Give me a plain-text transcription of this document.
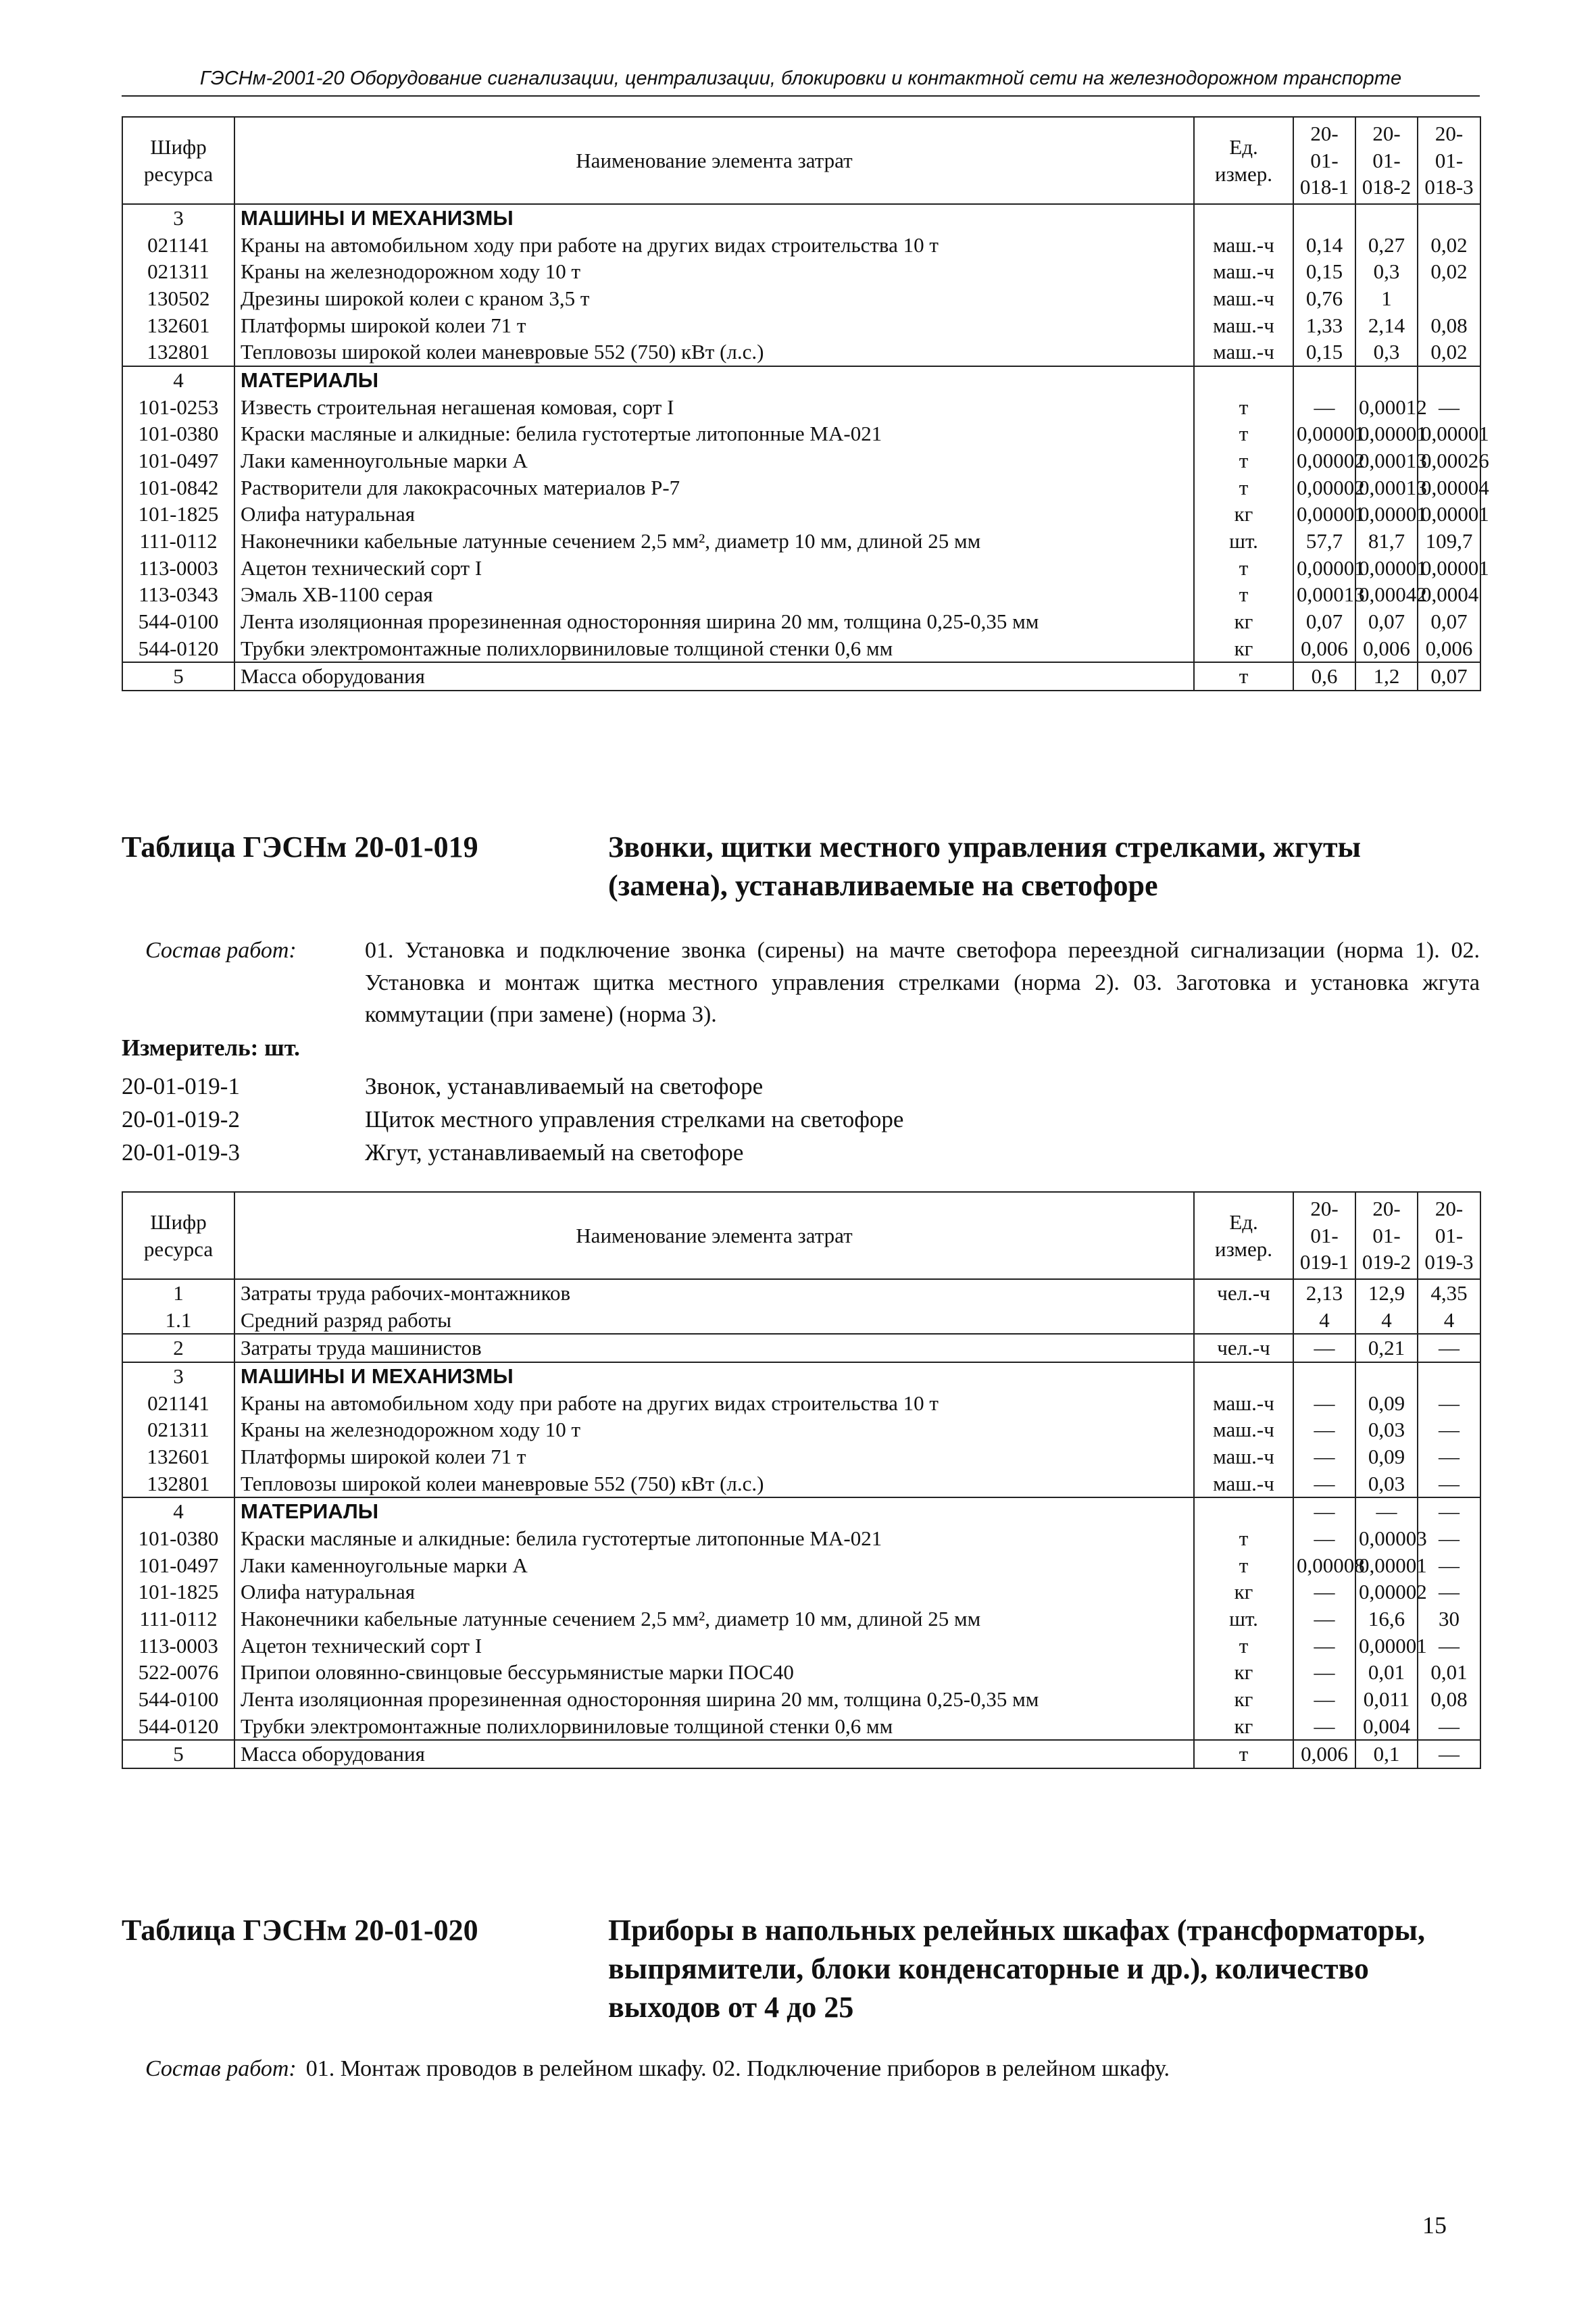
ГЭСНм-2001-20 Оборудование сигнализации, централизации, блокировки и контактной сети на железнодорожном транспорте
Шифр ресурса	Наименование элемента затрат	Ед. измер.	20-01-018-1	20-01-018-2	20-01-018-3
3	МАШИНЫ И МЕХАНИЗМЫ				
021141	Краны на автомобильном ходу при работе на других видах строительства 10 т	маш.-ч	0,14	0,27	0,02
021311	Краны на железнодорожном ходу 10 т	маш.-ч	0,15	0,3	0,02
130502	Дрезины широкой колеи с краном 3,5 т	маш.-ч	0,76	1	
132601	Платформы широкой колеи 71 т	маш.-ч	1,33	2,14	0,08
132801	Тепловозы широкой колеи маневровые 552 (750) кВт (л.с.)	маш.-ч	0,15	0,3	0,02
4	МАТЕРИАЛЫ				
101-0253	Известь строительная негашеная комовая, сорт I	т	—	0,00012	—
101-0380	Краски масляные и алкидные: белила густотертые литопонные МА-021	т	0,00001	0,00001	0,00001
101-0497	Лаки каменноугольные марки А	т	0,00002	0,00013	0,00026
101-0842	Растворители для лакокрасочных материалов Р-7	т	0,00002	0,00013	0,00004
101-1825	Олифа натуральная	кг	0,00001	0,00001	0,00001
111-0112	Наконечники кабельные латунные сечением 2,5 мм², диаметр 10 мм, длиной 25 мм	шт.	57,7	81,7	109,7
113-0003	Ацетон технический сорт I	т	0,00001	0,00001	0,00001
113-0343	Эмаль ХВ-1100 серая	т	0,00013	0,00042	0,0004
544-0100	Лента изоляционная прорезиненная односторонняя ширина 20 мм, толщина 0,25-0,35 мм	кг	0,07	0,07	0,07
544-0120	Трубки электромонтажные полихлорвиниловые толщиной стенки 0,6 мм	кг	0,006	0,006	0,006
5	Масса оборудования	т	0,6	1,2	0,07
Таблица ГЭСНм 20-01-019	Звонки, щитки местного управления стрелками, жгуты (замена), устанавливаемые на светофоре
Состав работ:	01. Установка и подключение звонка (сирены) на мачте светофора переездной сигнализации (норма 1). 02. Установка и монтаж щитка местного управления стрелками (норма 2). 03. Заготовка и установка жгута коммутации (при замене) (норма 3).
Измеритель: шт.
20-01-019-1	Звонок, устанавливаемый на светофоре
20-01-019-2	Щиток местного управления стрелками на светофоре
20-01-019-3	Жгут, устанавливаемый на светофоре
Шифр ресурса	Наименование элемента затрат	Ед. измер.	20-01-019-1	20-01-019-2	20-01-019-3
1	Затраты труда рабочих-монтажников	чел.-ч	2,13	12,9	4,35
1.1	Средний разряд работы		4	4	4
2	Затраты труда машинистов	чел.-ч	—	0,21	—
3	МАШИНЫ И МЕХАНИЗМЫ				
021141	Краны на автомобильном ходу при работе на других видах строительства 10 т	маш.-ч	—	0,09	—
021311	Краны на железнодорожном ходу 10 т	маш.-ч	—	0,03	—
132601	Платформы широкой колеи 71 т	маш.-ч	—	0,09	—
132801	Тепловозы широкой колеи маневровые 552 (750) кВт (л.с.)	маш.-ч	—	0,03	—
4	МАТЕРИАЛЫ		—	—	—
101-0380	Краски масляные и алкидные: белила густотертые литопонные МА-021	т	—	0,00003	—
101-0497	Лаки каменноугольные марки А	т	0,00008	0,00001	—
101-1825	Олифа натуральная	кг	—	0,00002	—
111-0112	Наконечники кабельные латунные сечением 2,5 мм², диаметр 10 мм, длиной 25 мм	шт.	—	16,6	30
113-0003	Ацетон технический сорт I	т	—	0,00001	—
522-0076	Припои оловянно-свинцовые бессурьмянистые марки ПОС40	кг	—	0,01	0,01
544-0100	Лента изоляционная прорезиненная односторонняя ширина 20 мм, толщина 0,25-0,35 мм	кг	—	0,011	0,08
544-0120	Трубки электромонтажные полихлорвиниловые толщиной стенки 0,6 мм	кг	—	0,004	—
5	Масса оборудования	т	0,006	0,1	—
Таблица ГЭСНм 20-01-020	Приборы в напольных релейных шкафах (трансформаторы, выпрямители, блоки конденсаторные и др.), количество выходов от 4 до 25
Состав работ: 01. Монтаж проводов в релейном шкафу. 02. Подключение приборов в релейном шкафу.
15
